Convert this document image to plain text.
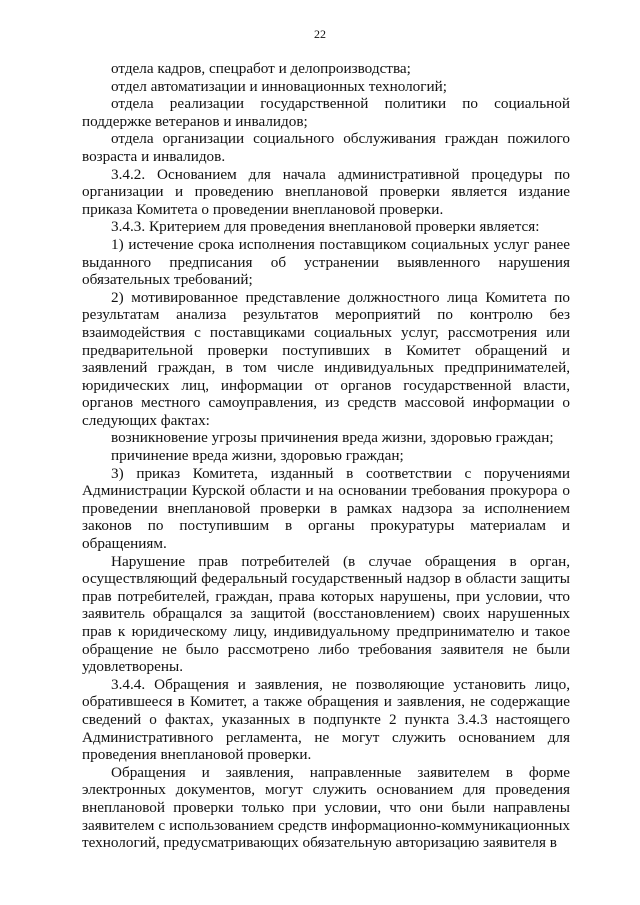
22

отдела кадров, спецработ и делопроизводства;

отдел автоматизации и инновационных технологий;

отдела реализации государственной политики по социальной поддержке ветеранов и инвалидов;

отдела организации социального обслуживания граждан пожилого возраста и инвалидов.

3.4.2. Основанием для начала административной процедуры по организации и проведению внеплановой проверки является издание приказа Комитета о проведении внеплановой проверки.

3.4.3. Критерием для проведения внеплановой проверки является:

1) истечение срока исполнения поставщиком социальных услуг ранее выданного предписания об устранении выявленного нарушения обязательных требований;

2) мотивированное представление должностного лица Комитета по результатам анализа результатов мероприятий по контролю без взаимодействия с поставщиками социальных услуг, рассмотрения или предварительной проверки поступивших в Комитет обращений и заявлений граждан, в том числе индивидуальных предпринимателей, юридических лиц, информации от органов государственной власти, органов местного самоуправления, из средств массовой информации о следующих фактах:

возникновение угрозы причинения вреда жизни, здоровью граждан;

причинение вреда жизни, здоровью граждан;

3) приказ Комитета, изданный в соответствии с поручениями Администрации Курской области и на основании требования прокурора о проведении внеплановой проверки в рамках надзора за исполнением законов по поступившим в органы прокуратуры материалам и обращениям.

Нарушение прав потребителей (в случае обращения в орган, осуществляющий федеральный государственный надзор в области защиты прав потребителей, граждан, права которых нарушены, при условии, что заявитель обращался за защитой (восстановлением) своих нарушенных прав к юридическому лицу, индивидуальному предпринимателю и такое обращение не было рассмотрено либо требования заявителя не были удовлетворены.

3.4.4. Обращения и заявления, не позволяющие установить лицо, обратившееся в Комитет, а также обращения и заявления, не содержащие сведений о фактах, указанных в подпункте 2 пункта 3.4.3 настоящего Административного регламента, не могут служить основанием для проведения внеплановой проверки.

Обращения и заявления, направленные заявителем в форме электронных документов, могут служить основанием для проведения внеплановой проверки только при условии, что они были направлены заявителем с использованием средств информационно-коммуникационных технологий, предусматривающих обязательную авторизацию заявителя в
